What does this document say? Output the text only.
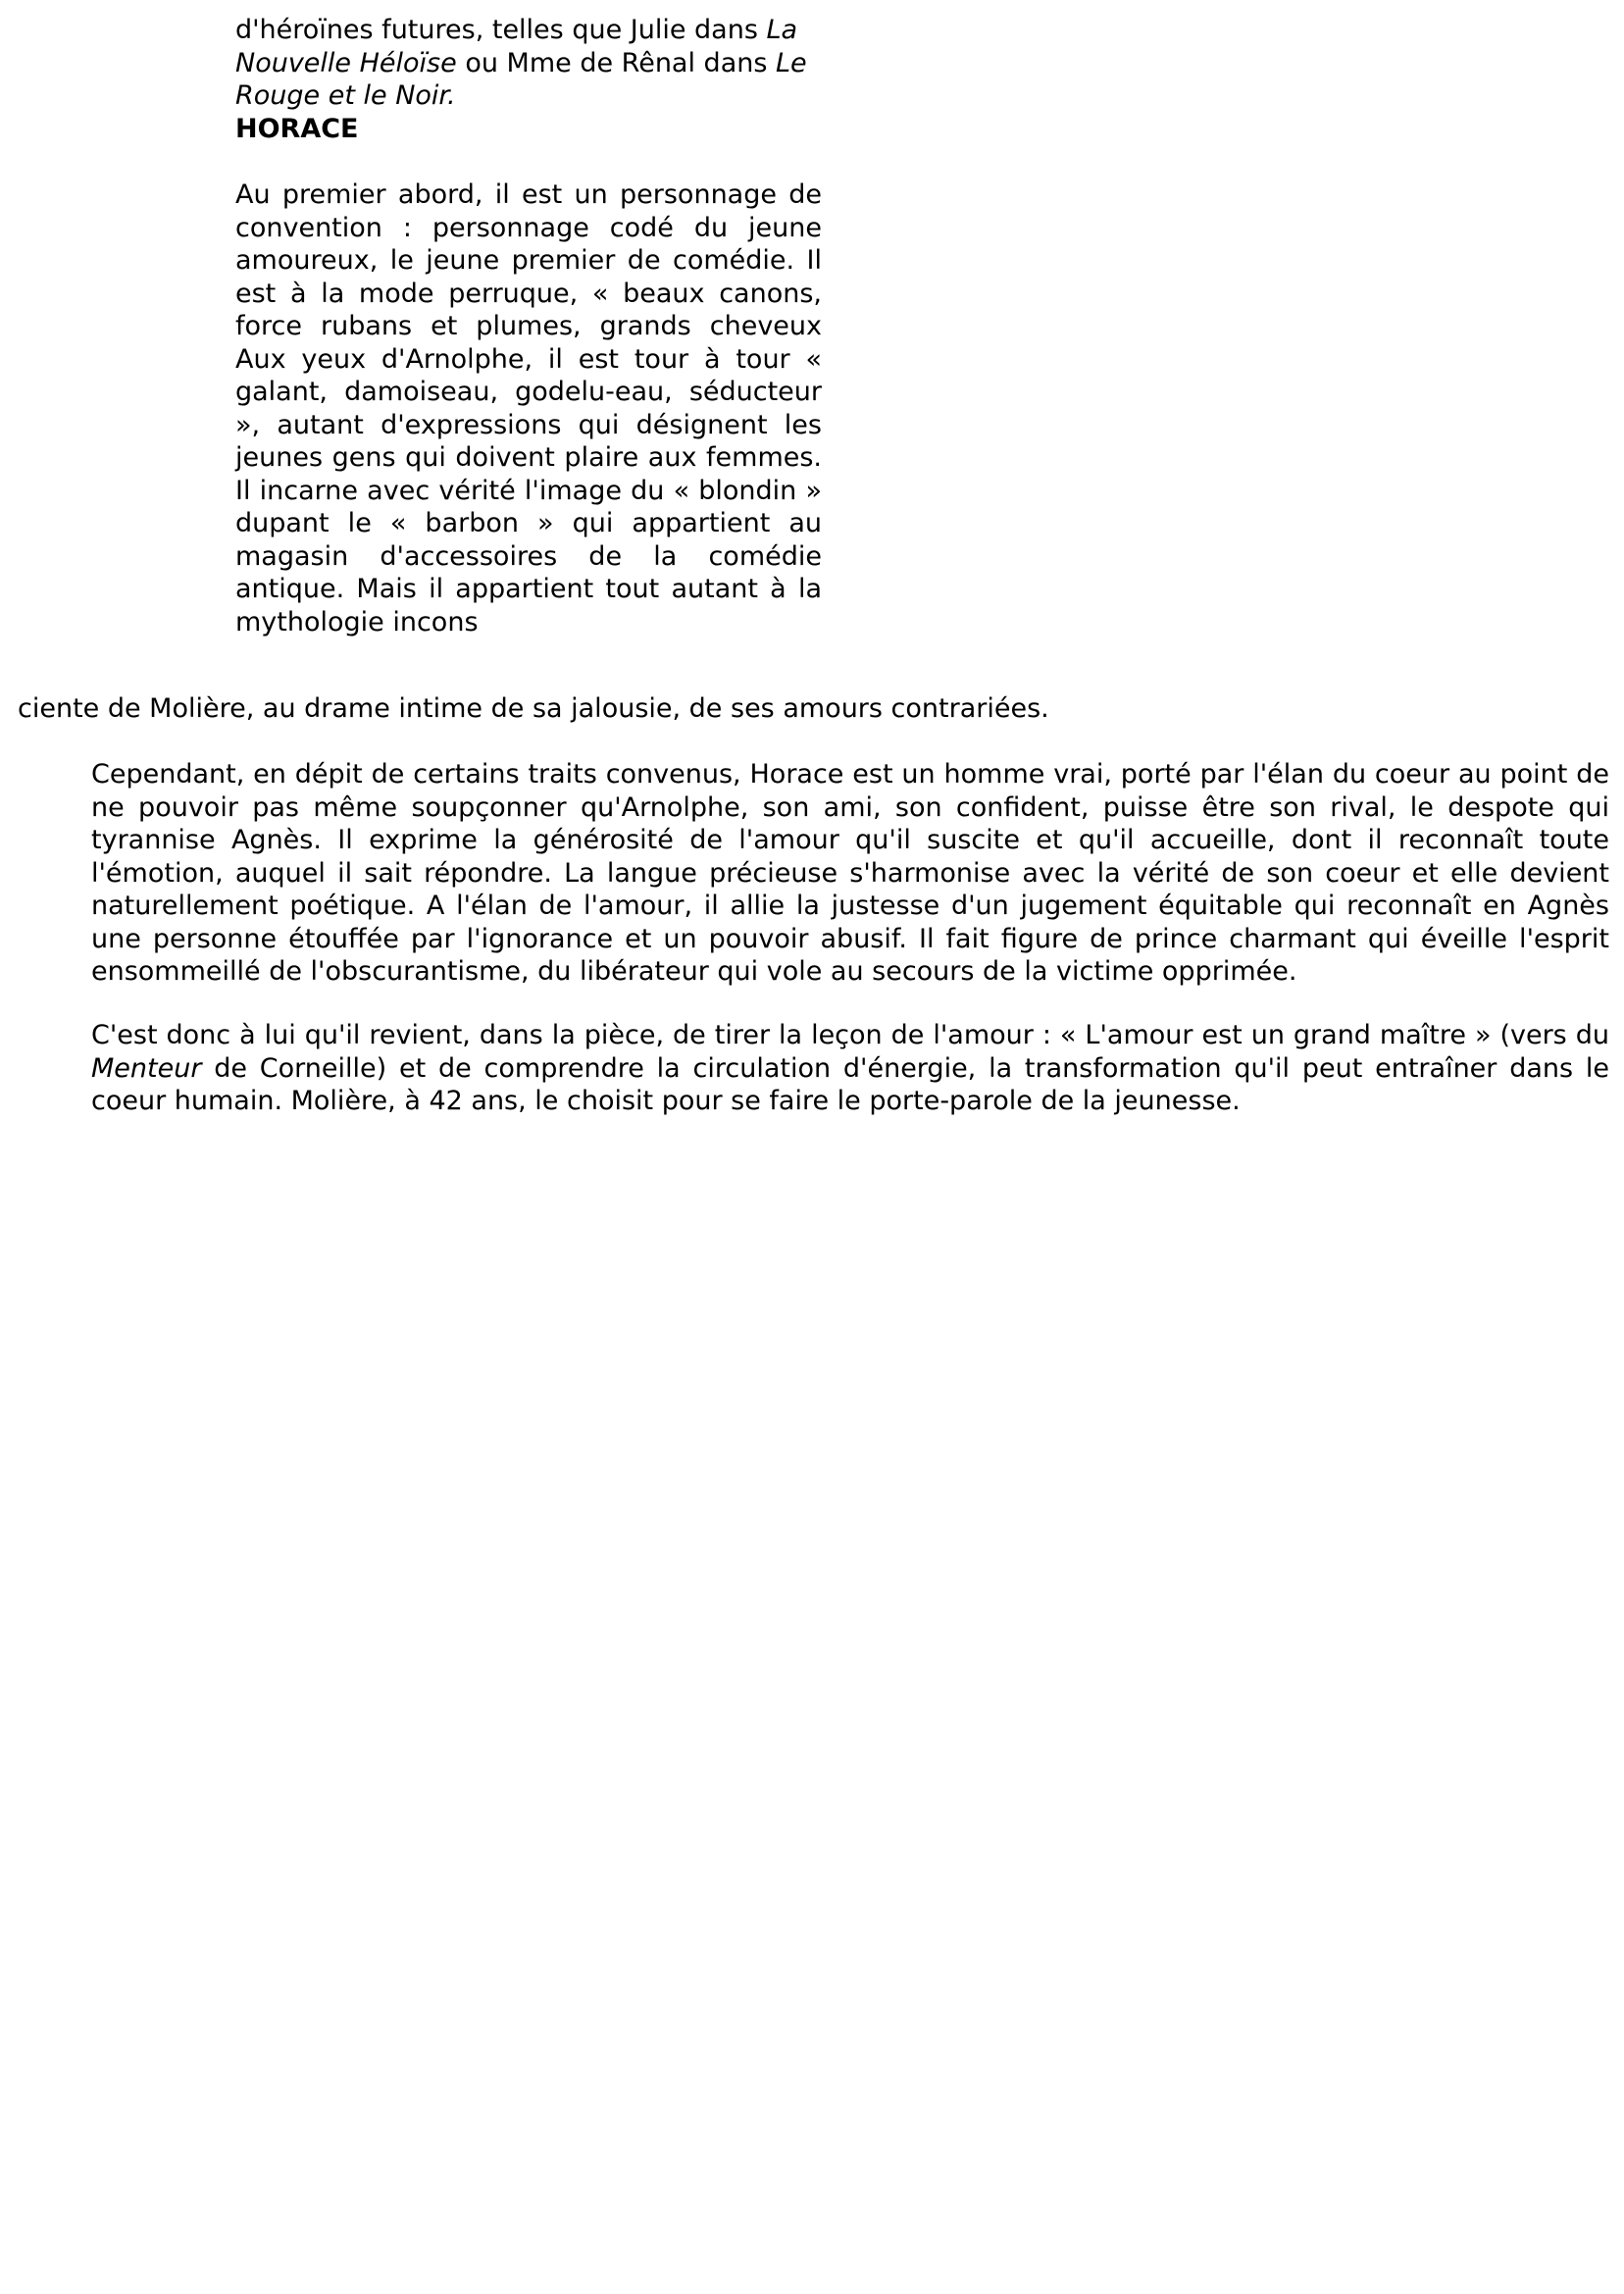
d'héroïnes futures, telles que Julie dans La Nouvelle Héloïse ou Mme de Rênal dans Le Rouge et le Noir.

HORACE

Au premier abord, il est un personnage de convention : personnage codé du jeune amoureux, le jeune premier de comédie. Il est à la mode perruque, « beaux canons, force rubans et plumes, grands cheveux Aux yeux d'Arnolphe, il est tour à tour « galant, damoiseau, godelu-eau, séducteur », autant d'expressions qui désignent les jeunes gens qui doivent plaire aux femmes. Il incarne avec vérité l'image du « blondin » dupant le « barbon » qui appartient au magasin d'accessoires de la comédie antique. Mais il appartient tout autant à la mythologie incons

ciente de Molière, au drame intime de sa jalousie, de ses amours contrariées.

Cependant, en dépit de certains traits convenus, Horace est un homme vrai, porté par l'élan du coeur au point de ne pouvoir pas même soupçonner qu'Arnolphe, son ami, son confident, puisse être son rival, le despote qui tyrannise Agnès. Il exprime la générosité de l'amour qu'il suscite et qu'il accueille, dont il reconnaît toute l'émotion, auquel il sait répondre. La langue précieuse s'harmonise avec la vérité de son coeur et elle devient naturellement poétique. A l'élan de l'amour, il allie la justesse d'un jugement équitable qui reconnaît en Agnès une personne étouffée par l'ignorance et un pouvoir abusif. Il fait figure de prince charmant qui éveille l'esprit ensommeillé de l'obscurantisme, du libérateur qui vole au secours de la victime opprimée.

C'est donc à lui qu'il revient, dans la pièce, de tirer la leçon de l'amour : « L'amour est un grand maître » (vers du Menteur de Corneille) et de comprendre la circulation d'énergie, la transformation qu'il peut entraîner dans le coeur humain. Molière, à 42 ans, le choisit pour se faire le porte-parole de la jeunesse.
